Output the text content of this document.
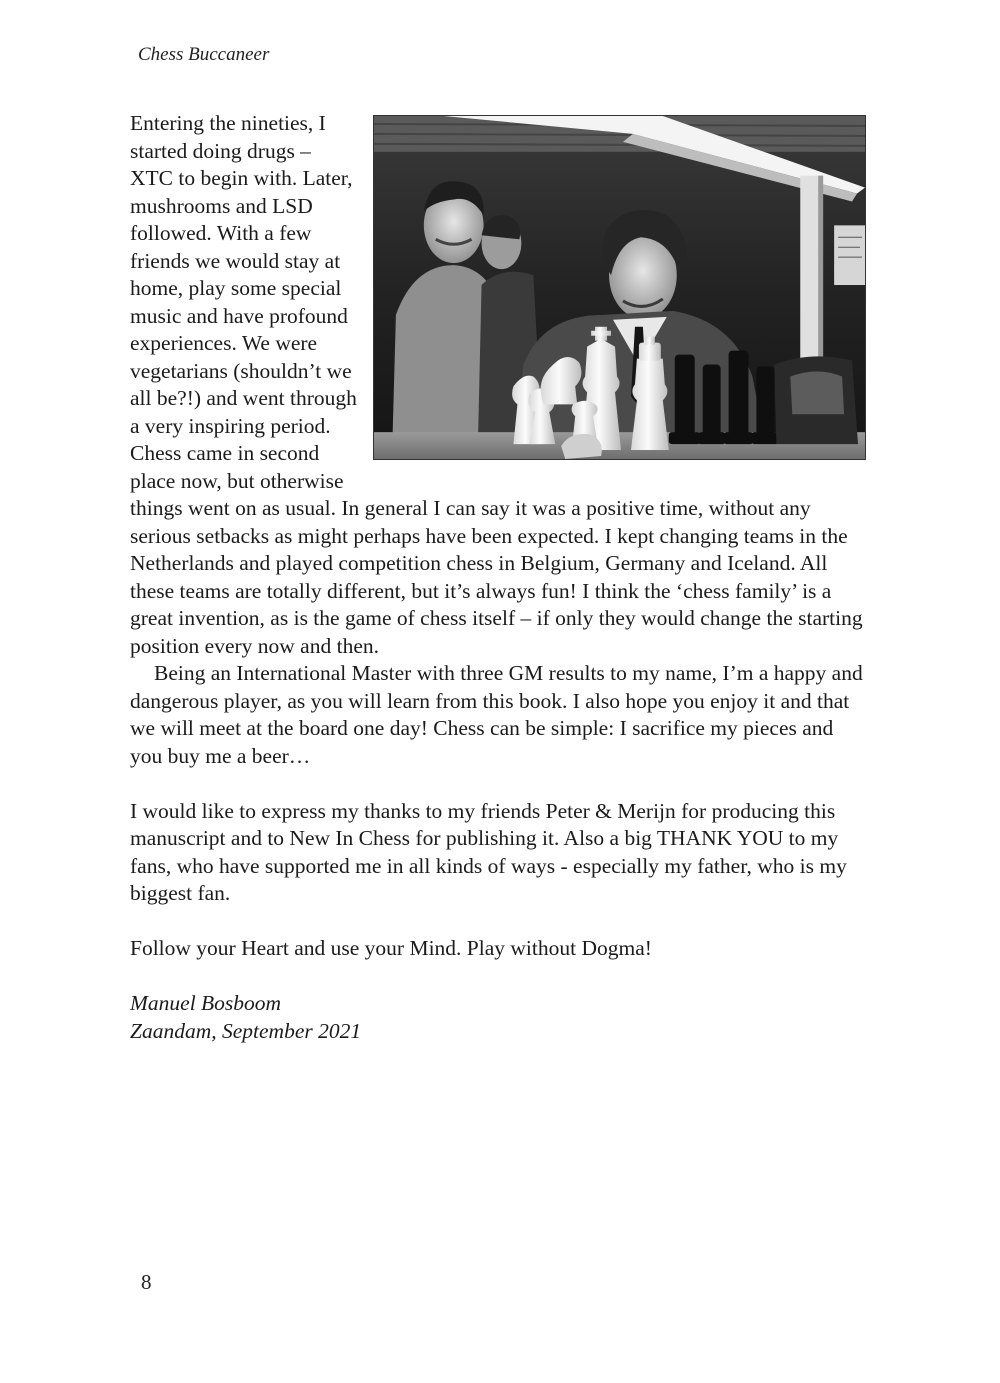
Chess Buccaneer

Entering the nineties, I started doing drugs – XTC to begin with. Later, mushrooms and LSD followed. With a few friends we would stay at home, play some special music and have profound experiences. We were vegetarians (shouldn’t we all be?!) and went through a very inspiring period. Chess came in second place now, but otherwise things went on as usual. In general I can say it was a positive time, without any serious setbacks as might perhaps have been expected. I kept changing teams in the Netherlands and played competition chess in Belgium, Germany and Iceland. All these teams are totally different, but it’s always fun! I think the ‘chess family’ is a great invention, as is the game of chess itself – if only they would change the starting position every now and then.

Being an International Master with three GM results to my name, I’m a happy and dangerous player, as you will learn from this book. I also hope you enjoy it and that we will meet at the board one day! Chess can be simple: I sacrifice my pieces and you buy me a beer…

I would like to express my thanks to my friends Peter & Merijn for producing this manuscript and to New In Chess for publishing it. Also a big THANK YOU to my fans, who have supported me in all kinds of ways - especially my father, who is my biggest fan.

Follow your Heart and use your Mind. Play without Dogma!

Manuel Bosboom
Zaandam, September 2021
8
